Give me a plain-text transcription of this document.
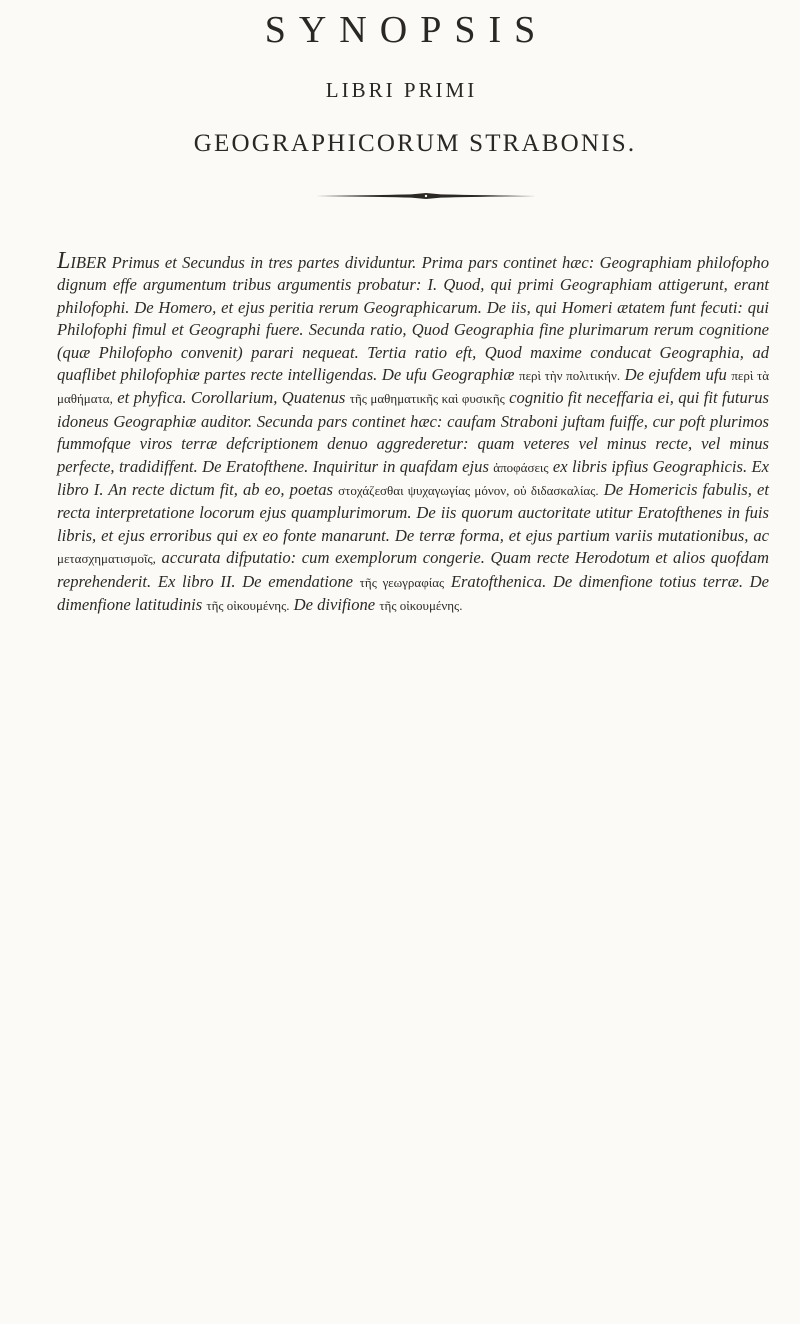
SYNOPSIS
LIBRI PRIMI
GEOGRAPHICORUM STRABONIS.
LIBER Primus et Secundus in tres partes dividuntur. Prima pars continet hæc: Geographiam philofopho dignum effe argumentum tribus argumentis probatur: I. Quod, qui primi Geographiam attigerunt, erant philofophi. De Homero, et ejus peritia rerum Geographicarum. De iis, qui Homeri ætatem funt fecuti: qui Philofophi fimul et Geographi fuere. Secunda ratio, Quod Geographia fine plurimarum rerum cognitione (quæ Philofopho convenit) parari nequeat. Tertia ratio eft, Quod maxime conducat Geographia, ad quaflibet philofophiæ partes recte intelligendas. De ufu Geographiæ περὶ τὴν πολιτικήν. De ejufdem ufu περὶ τὰ μαθήματα, et phyfica. Corollarium, Quatenus τῆς μαθηματικῆς καὶ φυσικῆς cognitio fit neceffaria ei, qui fit futurus idoneus Geographiæ auditor. Secunda pars continet hæc: caufam Straboni juftam fuiffe, cur poft plurimos fummofque viros terræ defcriptionem denuo aggrederetur: quam veteres vel minus recte, vel minus perfecte, tradidiffent. De Eratofthene. Inquiritur in quafdam ejus ἀποφάσεις ex libris ipfius Geographicis. Ex libro I. An recte dictum fit, ab eo, poetas στοχάζεσθαι ψυχαγωγίας μόνον, οὐ διδασκαλίας. De Homericis fabulis, et recta interpretatione locorum ejus quamplurimorum. De iis quorum auctoritate utitur Eratofthenes in fuis libris, et ejus erroribus qui ex eo fonte manarunt. De terræ forma, et ejus partium variis mutationibus, ac μετασχηματισμοῖς, accurata difputatio: cum exemplorum congerie. Quam recte Herodotum et alios quofdam reprehenderit. Ex libro II. De emendatione τῆς γεωγραφίας Eratofthenica. De dimenfione totius terræ. De dimenfione latitudinis τῆς οἰκουμένης. De divifione τῆς οἰκουμένης.
